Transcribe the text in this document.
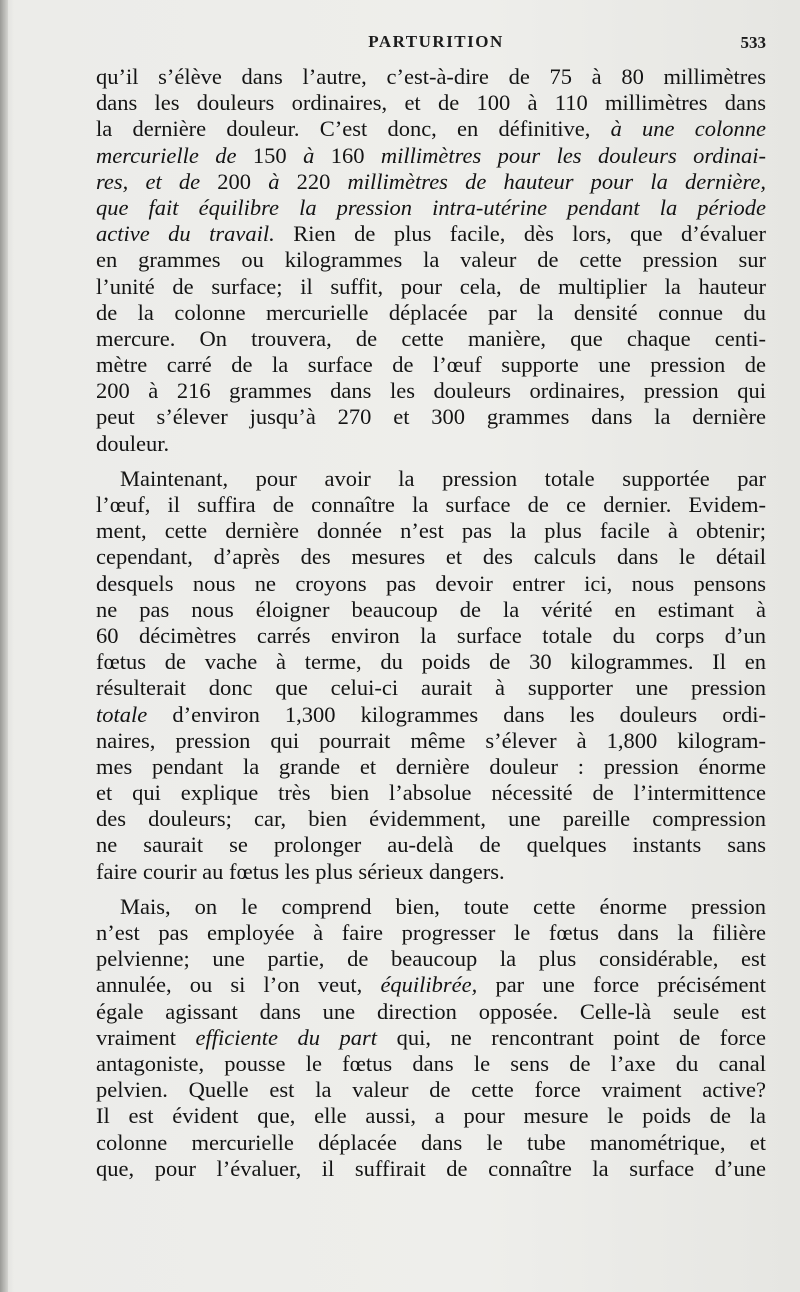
PARTURITION	533
qu’il s’élève dans l’autre, c’est-à-dire de 75 à 80 millimètres
dans les douleurs ordinaires, et de 100 à 110 millimètres dans
la dernière douleur. C’est donc, en définitive, à une colonne
mercurielle de 150 à 160 millimètres pour les douleurs ordinai-
res, et de 200 à 220 millimètres de hauteur pour la dernière,
que fait équilibre la pression intra-utérine pendant la période
active du travail. Rien de plus facile, dès lors, que d’évaluer
en grammes ou kilogrammes la valeur de cette pression sur
l’unité de surface; il suffit, pour cela, de multiplier la hauteur
de la colonne mercurielle déplacée par la densité connue du
mercure. On trouvera, de cette manière, que chaque centi-
mètre carré de la surface de l’œuf supporte une pression de
200 à 216 grammes dans les douleurs ordinaires, pression qui
peut s’élever jusqu’à 270 et 300 grammes dans la dernière
douleur.
Maintenant, pour avoir la pression totale supportée par
l’œuf, il suffira de connaître la surface de ce dernier. Evidem-
ment, cette dernière donnée n’est pas la plus facile à obtenir;
cependant, d’après des mesures et des calculs dans le détail
desquels nous ne croyons pas devoir entrer ici, nous pensons
ne pas nous éloigner beaucoup de la vérité en estimant à
60 décimètres carrés environ la surface totale du corps d’un
fœtus de vache à terme, du poids de 30 kilogrammes. Il en
résulterait donc que celui-ci aurait à supporter une pression
totale d’environ 1,300 kilogrammes dans les douleurs ordi-
naires, pression qui pourrait même s’élever à 1,800 kilogram-
mes pendant la grande et dernière douleur : pression énorme
et qui explique très bien l’absolue nécessité de l’intermittence
des douleurs; car, bien évidemment, une pareille compression
ne saurait se prolonger au-delà de quelques instants sans
faire courir au fœtus les plus sérieux dangers.
Mais, on le comprend bien, toute cette énorme pression
n’est pas employée à faire progresser le fœtus dans la filière
pelvienne; une partie, de beaucoup la plus considérable, est
annulée, ou si l’on veut, équilibrée, par une force précisément
égale agissant dans une direction opposée. Celle-là seule est
vraiment efficiente du part qui, ne rencontrant point de force
antagoniste, pousse le fœtus dans le sens de l’axe du canal
pelvien. Quelle est la valeur de cette force vraiment active?
Il est évident que, elle aussi, a pour mesure le poids de la
colonne mercurielle déplacée dans le tube manométrique, et
que, pour l’évaluer, il suffirait de connaître la surface d’une
